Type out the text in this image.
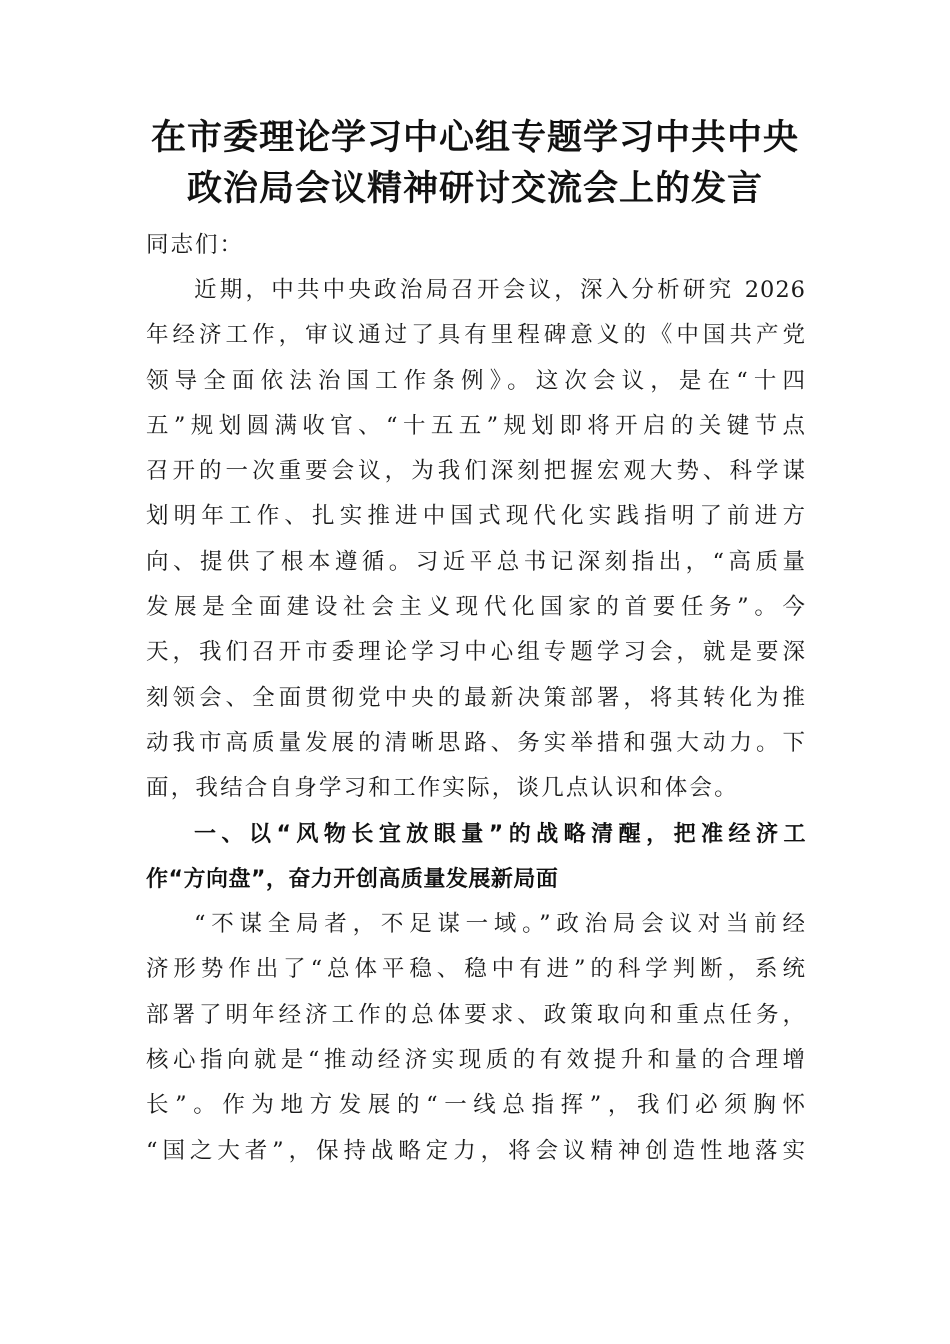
在市委理论学习中心组专题学习中共中央
政治局会议精神研讨交流会上的发言
同志们：
近期，中共中央政治局召开会议，深入分析研究 2026
年经济工作，审议通过了具有里程碑意义的《中国共产党
领导全面依法治国工作条例》。这次会议，是在“十四
五”规划圆满收官、“十五五”规划即将开启的关键节点
召开的一次重要会议，为我们深刻把握宏观大势、科学谋
划明年工作、扎实推进中国式现代化实践指明了前进方
向、提供了根本遵循。习近平总书记深刻指出，“高质量
发展是全面建设社会主义现代化国家的首要任务”。今
天，我们召开市委理论学习中心组专题学习会，就是要深
刻领会、全面贯彻党中央的最新决策部署，将其转化为推
动我市高质量发展的清晰思路、务实举措和强大动力。下
面，我结合自身学习和工作实际，谈几点认识和体会。
一、以“风物长宜放眼量”的战略清醒，把准经济工
作“方向盘”，奋力开创高质量发展新局面
“不谋全局者，不足谋一域。”政治局会议对当前经
济形势作出了“总体平稳、稳中有进”的科学判断，系统
部署了明年经济工作的总体要求、政策取向和重点任务，
核心指向就是“推动经济实现质的有效提升和量的合理增
长”。作为地方发展的“一线总指挥”，我们必须胸怀
“国之大者”，保持战略定力，将会议精神创造性地落实
